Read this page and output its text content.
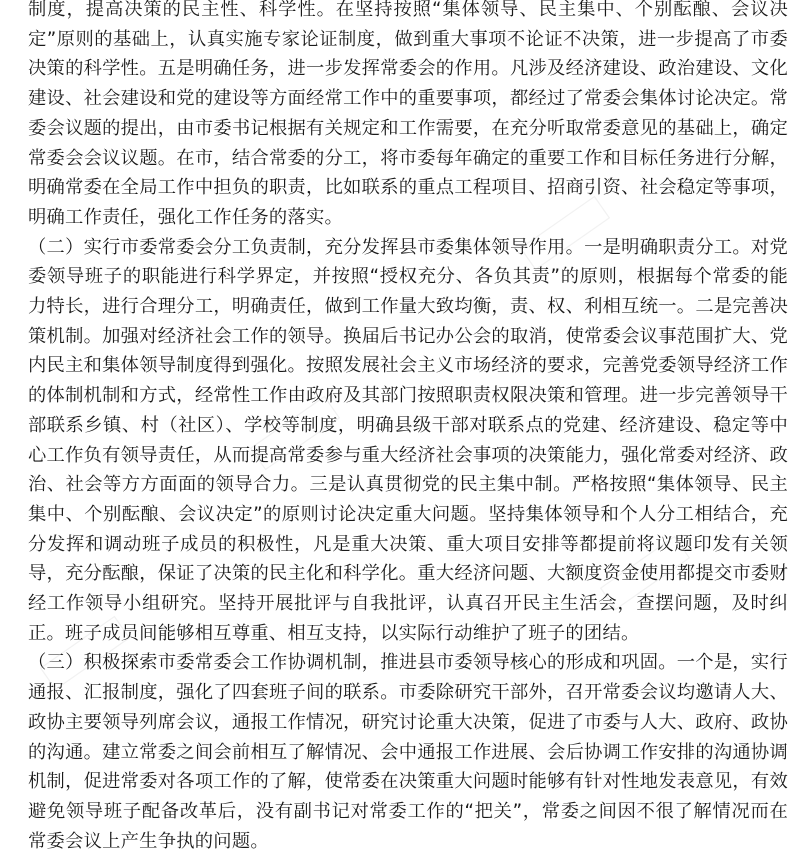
制度，提高决策的民主性、科学性。在坚持按照“集体领导、民主集中、个别酝酿、会议决定”原则的基础上，认真实施专家论证制度，做到重大事项不论证不决策，进一步提高了市委决策的科学性。五是明确任务，进一步发挥常委会的作用。凡涉及经济建设、政治建设、文化建设、社会建设和党的建设等方面经常工作中的重要事项，都经过了常委会集体讨论决定。常委会议题的提出，由市委书记根据有关规定和工作需要，在充分听取常委意见的基础上，确定常委会会议议题。在市，结合常委的分工，将市委每年确定的重要工作和目标任务进行分解，明确常委在全局工作中担负的职责，比如联系的重点工程项目、招商引资、社会稳定等事项，明确工作责任，强化工作任务的落实。

（二）实行市委常委会分工负责制，充分发挥县市委集体领导作用。一是明确职责分工。对党委领导班子的职能进行科学界定，并按照“授权充分、各负其责”的原则，根据每个常委的能力特长，进行合理分工，明确责任，做到工作量大致均衡，责、权、利相互统一。二是完善决策机制。加强对经济社会工作的领导。换届后书记办公会的取消，使常委会议事范围扩大、党内民主和集体领导制度得到强化。按照发展社会主义市场经济的要求，完善党委领导经济工作的体制机制和方式，经常性工作由政府及其部门按照职责权限决策和管理。进一步完善领导干部联系乡镇、村（社区）、学校等制度，明确县级干部对联系点的党建、经济建设、稳定等中心工作负有领导责任，从而提高常委参与重大经济社会事项的决策能力，强化常委对经济、政治、社会等方方面面的领导合力。三是认真贯彻党的民主集中制。严格按照“集体领导、民主集中、个别酝酿、会议决定”的原则讨论决定重大问题。坚持集体领导和个人分工相结合，充分发挥和调动班子成员的积极性，凡是重大决策、重大项目安排等都提前将议题印发有关领导，充分酝酿，保证了决策的民主化和科学化。重大经济问题、大额度资金使用都提交市委财经工作领导小组研究。坚持开展批评与自我批评，认真召开民主生活会，查摆问题，及时纠正。班子成员间能够相互尊重、相互支持，以实际行动维护了班子的团结。

（三）积极探索市委常委会工作协调机制，推进县市委领导核心的形成和巩固。一个是，实行通报、汇报制度，强化了四套班子间的联系。市委除研究干部外，召开常委会议均邀请人大、政协主要领导列席会议，通报工作情况，研究讨论重大决策，促进了市委与人大、政府、政协的沟通。建立常委之间会前相互了解情况、会中通报工作进展、会后协调工作安排的沟通协调机制，促进常委对各项工作的了解，使常委在决策重大问题时能够有针对性地发表意见，有效避免领导班子配备改革后，没有副书记对常委工作的“把关”，常委之间因不很了解情况而在常委会议上产生争执的问题。
